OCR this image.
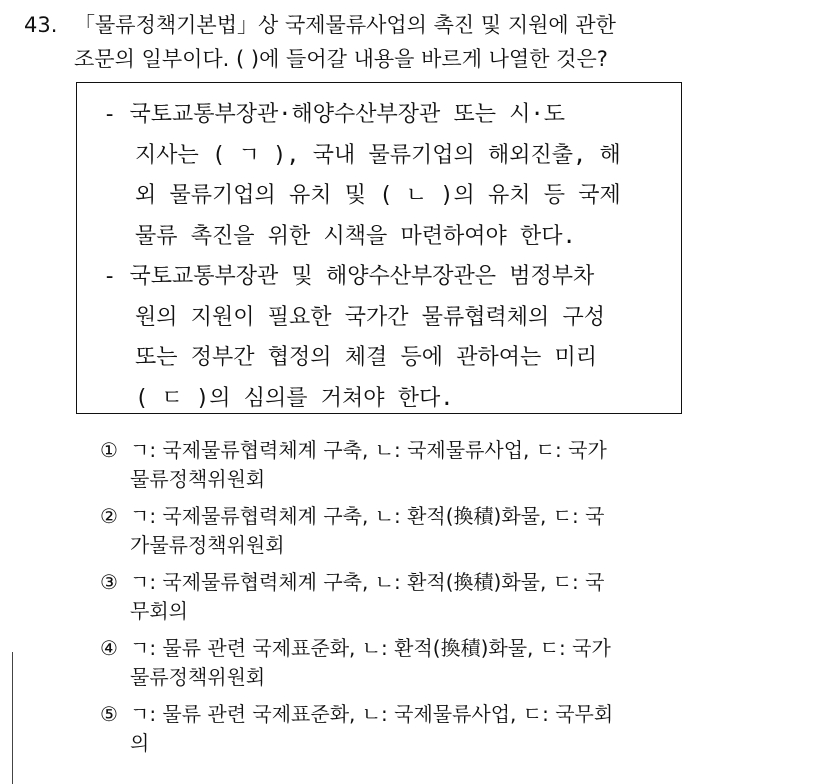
43. 「물류정책기본법」상 국제물류사업의 촉진 및 지원에 관한
조문의 일부이다. ( )에 들어갈 내용을 바르게 나열한 것은?
- 국토교통부장관·해양수산부장관 또는 시·도
지사는 ( ㄱ ), 국내 물류기업의 해외진출, 해
외 물류기업의 유치 및 ( ㄴ )의 유치 등 국제
물류 촉진을 위한 시책을 마련하여야 한다.
- 국토교통부장관 및 해양수산부장관은 범정부차
원의 지원이 필요한 국가간 물류협력체의 구성
또는 정부간 협정의 체결 등에 관하여는 미리
( ㄷ )의 심의를 거쳐야 한다.
① ㄱ: 국제물류협력체계 구축, ㄴ: 국제물류사업, ㄷ: 국가
물류정책위원회
② ㄱ: 국제물류협력체계 구축, ㄴ: 환적(換積)화물, ㄷ: 국
가물류정책위원회
③ ㄱ: 국제물류협력체계 구축, ㄴ: 환적(換積)화물, ㄷ: 국
무회의
④ ㄱ: 물류 관련 국제표준화, ㄴ: 환적(換積)화물, ㄷ: 국가
물류정책위원회
⑤ ㄱ: 물류 관련 국제표준화, ㄴ: 국제물류사업, ㄷ: 국무회
의
